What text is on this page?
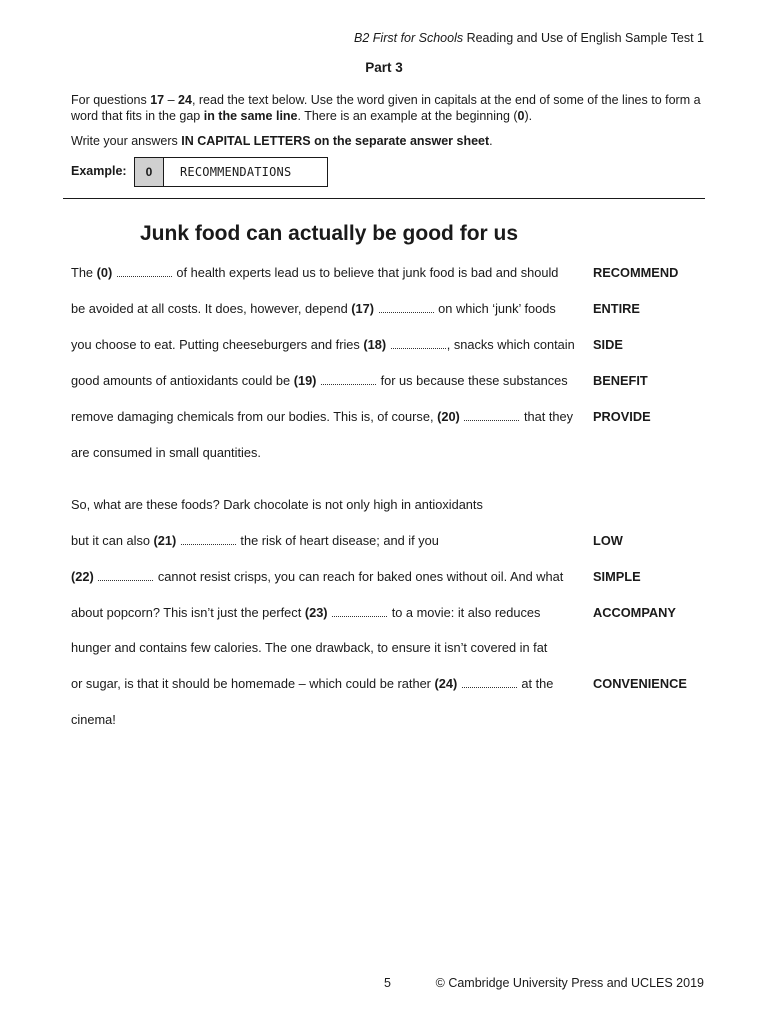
B2 First for Schools Reading and Use of English Sample Test 1
Part 3
For questions 17 – 24, read the text below. Use the word given in capitals at the end of some of the lines to form a word that fits in the gap in the same line. There is an example at the beginning (0).
Write your answers IN CAPITAL LETTERS on the separate answer sheet.
Example:	0	RECOMMENDATIONS
Junk food can actually be good for us
The (0)	of health experts lead us to believe that junk food is bad and should	RECOMMEND
be avoided at all costs. It does, however, depend (17)	on which ‘junk’ foods	ENTIRE
you choose to eat. Putting cheeseburgers and fries (18)	, snacks which contain	SIDE
good amounts of antioxidants could be (19)	for us because these substances	BENEFIT
remove damaging chemicals from our bodies. This is, of course, (20)	that they	PROVIDE
are consumed in small quantities.
So, what are these foods? Dark chocolate is not only high in antioxidants
but it can also (21)	the risk of heart disease; and if you	LOW
(22)	cannot resist crisps, you can reach for baked ones without oil. And what	SIMPLE
about popcorn? This isn’t just the perfect (23)	to a movie: it also reduces	ACCOMPANY
hunger and contains few calories. The one drawback, to ensure it isn’t covered in fat
or sugar, is that it should be homemade – which could be rather (24)	at the	CONVENIENCE
cinema!
5	© Cambridge University Press and UCLES 2019
